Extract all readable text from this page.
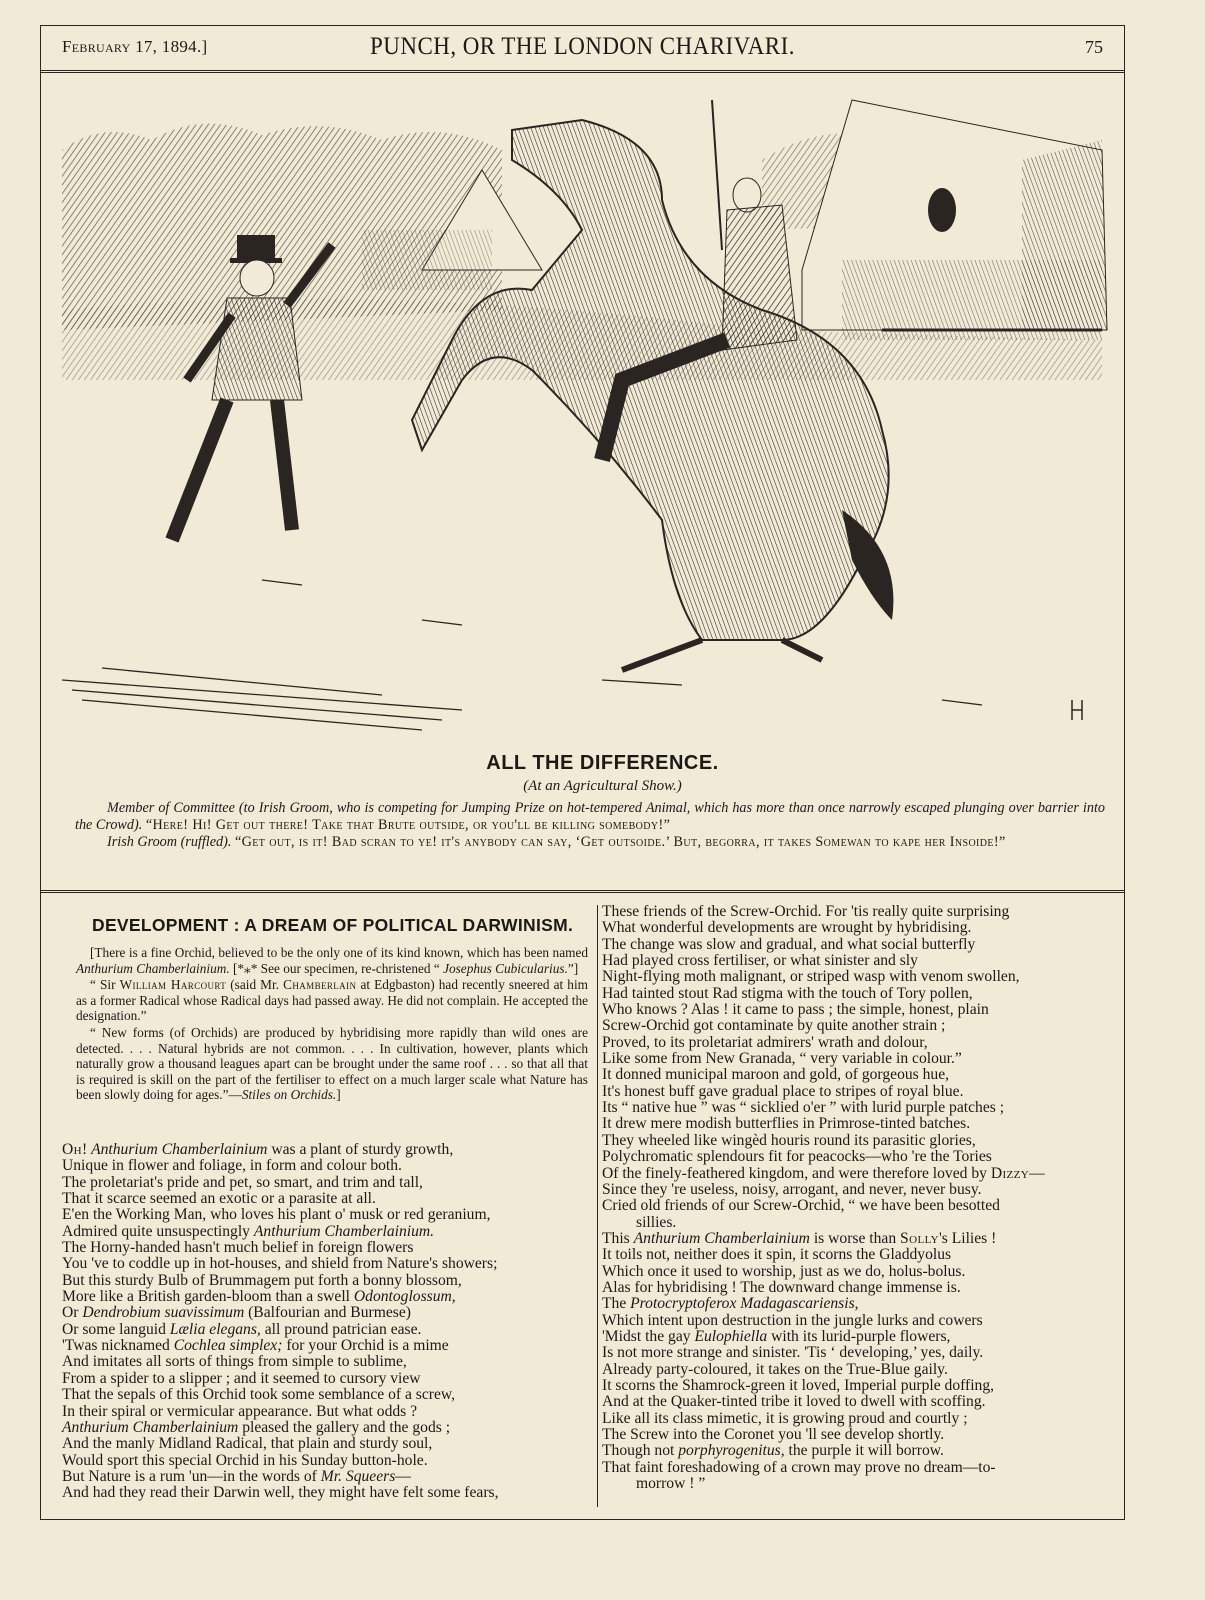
February 17, 1894.]	PUNCH, OR THE LONDON CHARIVARI.	75
ALL THE DIFFERENCE.
(At an Agricultural Show.)

Member of Committee (to Irish Groom, who is competing for Jumping Prize on hot-tempered Animal, which has more than once narrowly escaped plunging over barrier into the Crowd). “Here! Hi! Get out there! Take that Brute outside, or you'll be killing somebody!”

Irish Groom (ruffled). “Get out, is it! Bad scran to ye! it's anybody can say, ‘Get outsoide.’ But, begorra, it takes Somewan to kape her Insoide!”

DEVELOPMENT : A DREAM OF POLITICAL DARWINISM.

[There is a fine Orchid, believed to be the only one of its kind known, which has been named Anthurium Chamberlainium. [*⁎* See our specimen, re-christened “ Josephus Cubicularius.”]

“ Sir William Harcourt (said Mr. Chamberlain at Edgbaston) had recently sneered at him as a former Radical whose Radical days had passed away. He did not complain. He accepted the designation.”

“ New forms (of Orchids) are produced by hybridising more rapidly than wild ones are detected. . . . Natural hybrids are not common. . . . In cultivation, however, plants which naturally grow a thousand leagues apart can be brought under the same roof . . . so that all that is required is skill on the part of the fertiliser to effect on a much larger scale what Nature has been slowly doing for ages.”—Stiles on Orchids.]

Oh! Anthurium Chamberlainium was a plant of sturdy growth,
Unique in flower and foliage, in form and colour both.
The proletariat's pride and pet, so smart, and trim and tall,
That it scarce seemed an exotic or a parasite at all.
E'en the Working Man, who loves his plant o' musk or red geranium,
Admired quite unsuspectingly Anthurium Chamberlainium.
The Horny-handed hasn't much belief in foreign flowers
You 've to coddle up in hot-houses, and shield from Nature's showers;
But this sturdy Bulb of Brummagem put forth a bonny blossom,
More like a British garden-bloom than a swell Odontoglossum,
Or Dendrobium suavissimum (Balfourian and Burmese)
Or some languid Lælia elegans, all pround patrician ease.
'Twas nicknamed Cochlea simplex; for your Orchid is a mime
And imitates all sorts of things from simple to sublime,
From a spider to a slipper ; and it seemed to cursory view
That the sepals of this Orchid took some semblance of a screw,
In their spiral or vermicular appearance. But what odds ?
Anthurium Chamberlainium pleased the gallery and the gods ;
And the manly Midland Radical, that plain and sturdy soul,
Would sport this special Orchid in his Sunday button-hole.
But Nature is a rum 'un—in the words of Mr. Squeers—
And had they read their Darwin well, they might have felt some fears,
These friends of the Screw-Orchid. For 'tis really quite surprising
What wonderful developments are wrought by hybridising.
The change was slow and gradual, and what social butterfly
Had played cross fertiliser, or what sinister and sly
Night-flying moth malignant, or striped wasp with venom swollen,
Had tainted stout Rad stigma with the touch of Tory pollen,
Who knows ? Alas ! it came to pass ; the simple, honest, plain
Screw-Orchid got contaminate by quite another strain ;
Proved, to its proletariat admirers' wrath and dolour,
Like some from New Granada, “ very variable in colour.”
It donned municipal maroon and gold, of gorgeous hue,
It's honest buff gave gradual place to stripes of royal blue.
Its “ native hue ” was “ sicklied o'er ” with lurid purple patches ;
It drew mere modish butterflies in Primrose-tinted batches.
They wheeled like wingèd houris round its parasitic glories,
Polychromatic splendours fit for peacocks—who 're the Tories
Of the finely-feathered kingdom, and were therefore loved by Dizzy—
Since they 're useless, noisy, arrogant, and never, never busy.
Cried old friends of our Screw-Orchid, “ we have been besotted
sillies.
This Anthurium Chamberlainium is worse than Solly's Lilies !
It toils not, neither does it spin, it scorns the Gladdyolus
Which once it used to worship, just as we do, holus-bolus.
Alas for hybridising ! The downward change immense is.
The Protocryptoferox Madagascariensis,
Which intent upon destruction in the jungle lurks and cowers
'Midst the gay Eulophiella with its lurid-purple flowers,
Is not more strange and sinister. 'Tis ‘ developing,’ yes, daily.
Already party-coloured, it takes on the True-Blue gaily.
It scorns the Shamrock-green it loved, Imperial purple doffing,
And at the Quaker-tinted tribe it loved to dwell with scoffing.
Like all its class mimetic, it is growing proud and courtly ;
The Screw into the Coronet you 'll see develop shortly.
Though not porphyrogenitus, the purple it will borrow.
That faint foreshadowing of a crown may prove no dream—to-
morrow ! ”
